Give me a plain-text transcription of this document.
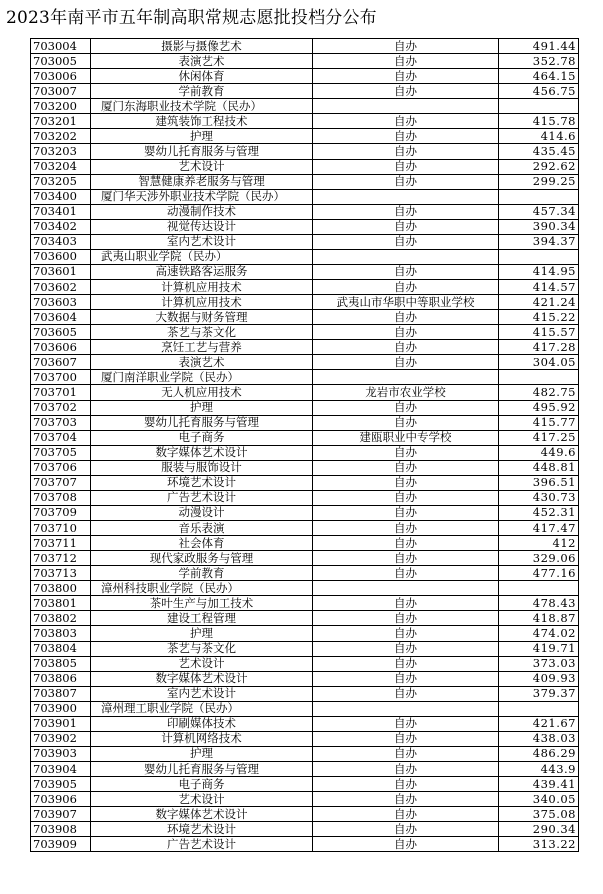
2023年南平市五年制高职常规志愿批投档分公布
703004	摄影与摄像艺术	自办	491.44
703005	表演艺术	自办	352.78
703006	休闲体育	自办	464.15
703007	学前教育	自办	456.75
703200	厦门东海职业技术学院（民办）		
703201	建筑装饰工程技术	自办	415.78
703202	护理	自办	414.6
703203	婴幼儿托育服务与管理	自办	435.45
703204	艺术设计	自办	292.62
703205	智慧健康养老服务与管理	自办	299.25
703400	厦门华天涉外职业技术学院（民办）		
703401	动漫制作技术	自办	457.34
703402	视觉传达设计	自办	390.34
703403	室内艺术设计	自办	394.37
703600	武夷山职业学院（民办）		
703601	高速铁路客运服务	自办	414.95
703602	计算机应用技术	自办	414.57
703603	计算机应用技术	武夷山市华职中等职业学校	421.24
703604	大数据与财务管理	自办	415.22
703605	茶艺与茶文化	自办	415.57
703606	烹饪工艺与营养	自办	417.28
703607	表演艺术	自办	304.05
703700	厦门南洋职业学院（民办）		
703701	无人机应用技术	龙岩市农业学校	482.75
703702	护理	自办	495.92
703703	婴幼儿托育服务与管理	自办	415.77
703704	电子商务	建瓯职业中专学校	417.25
703705	数字媒体艺术设计	自办	449.6
703706	服装与服饰设计	自办	448.81
703707	环境艺术设计	自办	396.51
703708	广告艺术设计	自办	430.73
703709	动漫设计	自办	452.31
703710	音乐表演	自办	417.47
703711	社会体育	自办	412
703712	现代家政服务与管理	自办	329.06
703713	学前教育	自办	477.16
703800	漳州科技职业学院（民办）		
703801	茶叶生产与加工技术	自办	478.43
703802	建设工程管理	自办	418.87
703803	护理	自办	474.02
703804	茶艺与茶文化	自办	419.71
703805	艺术设计	自办	373.03
703806	数字媒体艺术设计	自办	409.93
703807	室内艺术设计	自办	379.37
703900	漳州理工职业学院（民办）		
703901	印刷媒体技术	自办	421.67
703902	计算机网络技术	自办	438.03
703903	护理	自办	486.29
703904	婴幼儿托育服务与管理	自办	443.9
703905	电子商务	自办	439.41
703906	艺术设计	自办	340.05
703907	数字媒体艺术设计	自办	375.08
703908	环境艺术设计	自办	290.34
703909	广告艺术设计	自办	313.22
